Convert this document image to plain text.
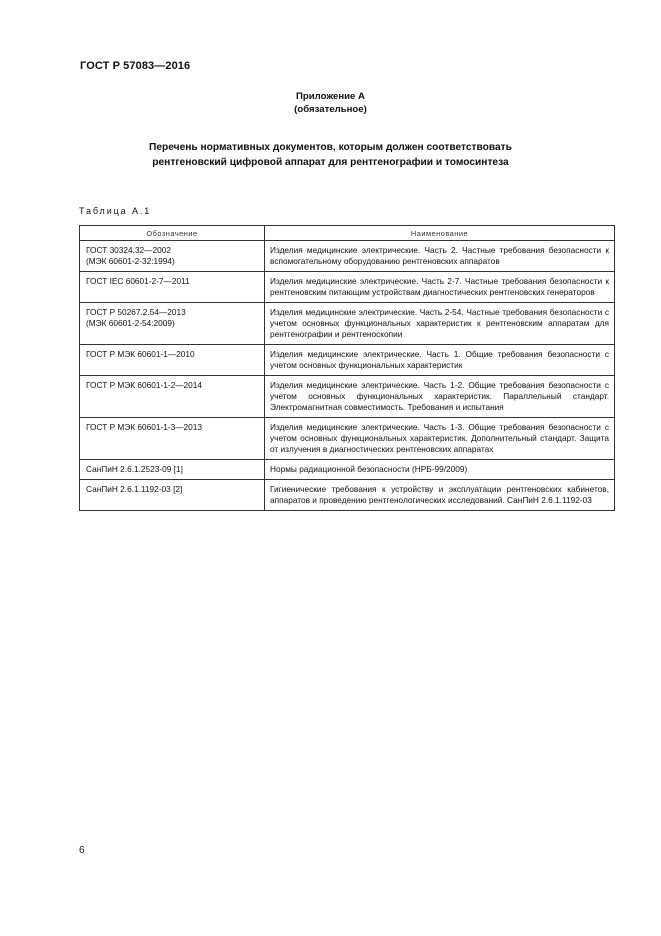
ГОСТ Р 57083—2016
Приложение А
(обязательное)
Перечень нормативных документов, которым должен соответствовать
рентгеновский цифровой аппарат для рентгенографии и томосинтеза
Таблица А.1
Обозначение	Наименование

ГОСТ 30324.32—2002
(МЭК 60601-2-32:1994)	Изделия медицинские электрические. Часть 2. Частные требования безопасности к вспомогательному оборудованию рентгеновских аппаратов

ГОСТ IEC 60601-2-7—2011	Изделия медицинские электрические. Часть 2-7. Частные требования безопасности к рентгеновским питающим устройствам диагностических рентгеновских генераторов

ГОСТ Р 50267.2.54—2013
(МЭК 60601-2-54:2009)	Изделия медицинские электрические. Часть 2-54. Частные требования безопасности с учетом основных функциональных характеристик к рентгеновским аппаратам для рентгенографии и рентгеноскопии

ГОСТ Р МЭК 60601-1—2010	Изделия медицинские электрические. Часть 1. Общие требования безопасности с учетом основных функциональных характеристик

ГОСТ Р МЭК 60601-1-2—2014	Изделия медицинские электрические. Часть 1-2. Общие требования безопасности с учетом основных функциональных характеристик. Параллельный стандарт. Электромагнитная совместимость. Требования и испытания

ГОСТ Р МЭК 60601-1-3—2013	Изделия медицинские электрические. Часть 1-3. Общие требования безопасности с учетом основных функциональных характеристик. Дополнительный стандарт. Защита от излучения в диагностических рентгеновских аппаратах

СанПиН 2.6.1.2523-09 [1]	Нормы радиационной безопасности (НРБ-99/2009)

СанПиН 2.6.1.1192-03 [2]	Гигиенические требования к устройству и эксплуатации рентгеновских кабинетов, аппаратов и проведению рентгенологических исследований. СанПиН 2.6.1.1192-03
6
